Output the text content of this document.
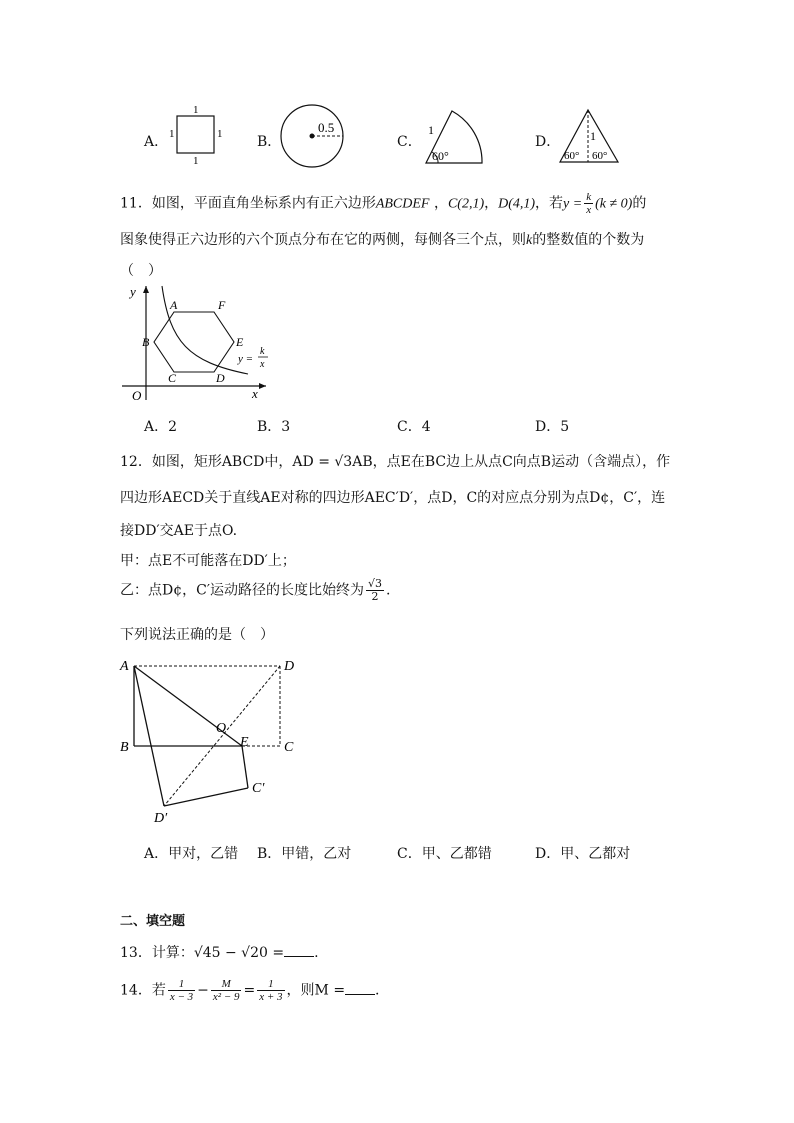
A．
1
1	1
1
B．
0.5
C．
1
60°
D． 1
60° 60°
11．如图，平面直角坐标系内有正六边形ABCDEF ，C(2,1)，D(4,1)，若$y = \frac{k}{x} (k \ne 0)$的
图象使得正六边形的六个顶点分布在它的两侧，每侧各三个点，则k的整数值的个数为
（　）
y
x
O
A	F
B	E
C	D
y =
k
x
A．2	B．3	C．4	D．5
12．如图，矩形ABCD中，AD = √3AB，点E在BC边上从点C向点B运动（含端点），作
四边形AECD关于直线AE对称的四边形AEC′D′，点D，C的对应点分别为点D¢，C′，连
接DD′交AE于点O.
甲：点E不可能落在DD′上；
乙：点D¢，C′运动路径的长度比始终为 $\frac{√3}{2}$ .
下列说法正确的是（　）
A	D
O
B	E	C
C′
D′
A．甲对，乙错 B．甲错，乙对	C．甲、乙都错	D．甲、乙都对
二、填空题
13．计算：√45 − √20 = .
14．若 $\frac{1}{x - 3} - \frac{M}{\text{x² − 9}} = \frac{1}{x + 3}$ ，则M = .
